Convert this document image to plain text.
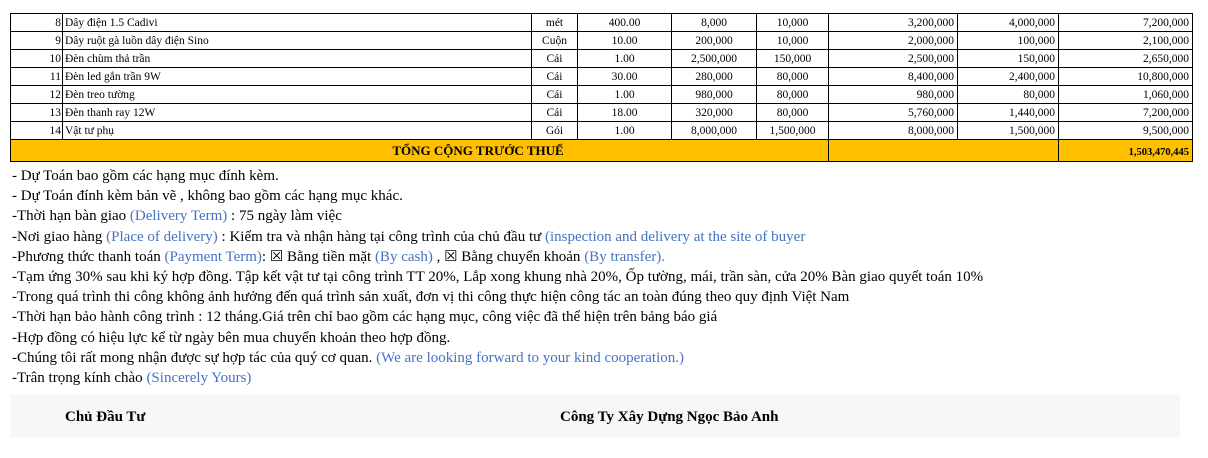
8	Dây điện 1.5 Cadivi	mét	400.00	8,000	10,000	3,200,000	4,000,000	7,200,000
9	Dây ruột gà luồn dây điện Sino	Cuộn	10.00	200,000	10,000	2,000,000	100,000	2,100,000
10	Đèn chùm thả trần	Cái	1.00	2,500,000	150,000	2,500,000	150,000	2,650,000
11	Đèn led gắn trần 9W	Cái	30.00	280,000	80,000	8,400,000	2,400,000	10,800,000
12	Đèn treo tường	Cái	1.00	980,000	80,000	980,000	80,000	1,060,000
13	Đèn thanh ray 12W	Cái	18.00	320,000	80,000	5,760,000	1,440,000	7,200,000
14	Vật tư phụ	Gói	1.00	8,000,000	1,500,000	8,000,000	1,500,000	9,500,000
TỔNG CỘNG TRƯỚC THUẾ								1,503,470,445
- Dự Toán bao gồm các hạng mục đính kèm.
- Dự Toán đính kèm bản vẽ , không bao gồm các hạng mục khác.
-Thời hạn bàn giao (Delivery Term) : 75 ngày làm việc
-Nơi giao hàng (Place of delivery) : Kiểm tra và nhận hàng tại công trình của chủ đầu tư (inspection and delivery at the site of buyer
-Phương thức thanh toán (Payment Term): ☒ Bằng tiền mặt (By cash) , ☒ Bằng chuyển khoản (By transfer).
-Tạm ứng 30% sau khi ký hợp đồng. Tập kết vật tư tại công trình TT 20%, Lắp xong khung nhà 20%, Ốp tường, mái, trần sàn, cửa 20% Bàn giao quyết toán 10%
-Trong quá trình thi công không ảnh hưởng đến quá trình sản xuất, đơn vị thi công thực hiện công tác an toàn đúng theo quy định Việt Nam
-Thời hạn bảo hành công trình : 12 tháng.Giá trên chỉ bao gồm các hạng mục, công việc đã thể hiện trên bảng báo giá
-Hợp đồng có hiệu lực kể từ ngày bên mua chuyển khoản theo hợp đồng.
-Chúng tôi rất mong nhận được sự hợp tác của quý cơ quan. (We are looking forward to your kind cooperation.)
-Trân trọng kính chào (Sincerely Yours)
Chủ Đầu Tư	Công Ty Xây Dựng Ngọc Bảo Anh
